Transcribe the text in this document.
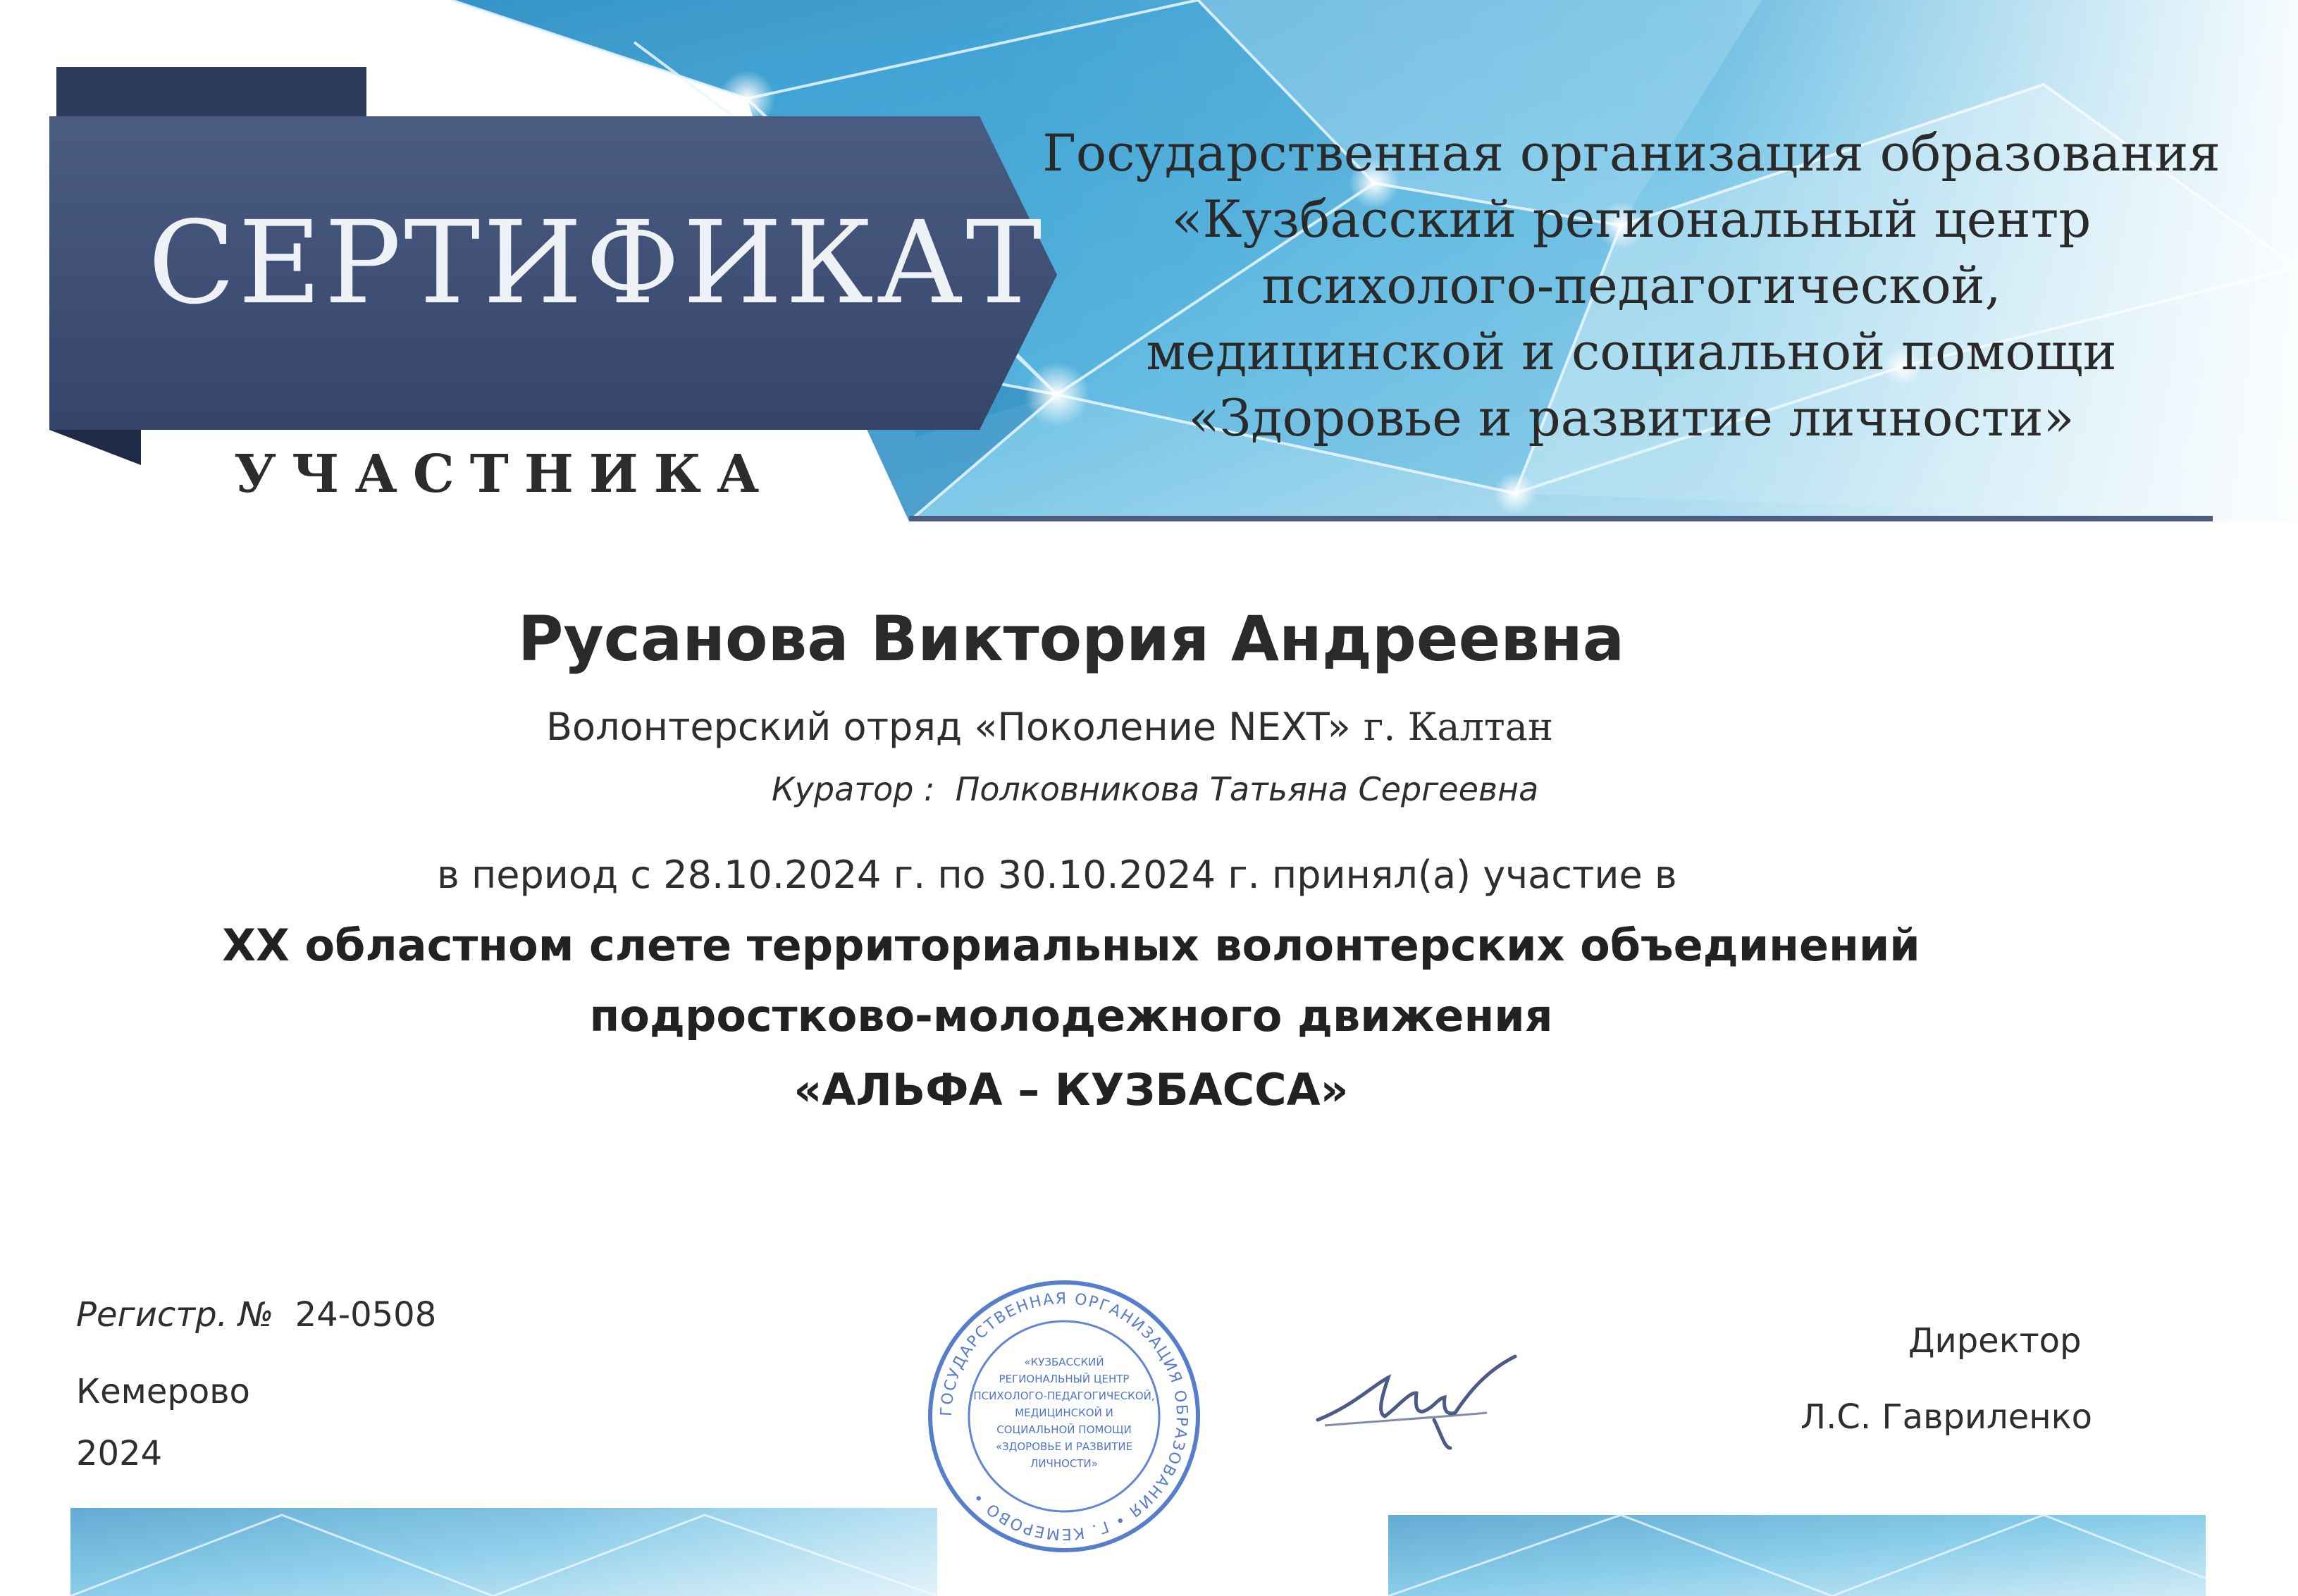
СЕРТИФИКАТ
УЧАСТНИКА
Государственная организация образования
«Кузбасский региональный центр
психолого-педагогической,
медицинской и социальной помощи
«Здоровье и развитие личности»
Русанова Виктория Андреевна
Волонтерский отряд «Поколение NEXT» г. Калтан
Куратор : Полковникова Татьяна Сергеевна
в период с 28.10.2024 г. по 30.10.2024 г. принял(а) участие в
XX областном слете территориальных волонтерских объединений
подростково-молодежного движения
«АЛЬФА – КУЗБАССА»
Регистр. № 24-0508
Кемерово
2024
Директор
Л.С. Гавриленко
ГОСУДАРСТВЕННАЯ ОРГАНИЗАЦИЯ ОБРАЗОВАНИЯ • Г. КЕМЕРОВО •
«КУЗБАССКИЙ
РЕГИОНАЛЬНЫЙ ЦЕНТР
ПСИХОЛОГО-ПЕДАГОГИЧЕСКОЙ,
МЕДИЦИНСКОЙ И
СОЦИАЛЬНОЙ ПОМОЩИ
«ЗДОРОВЬЕ И РАЗВИТИЕ
ЛИЧНОСТИ»
